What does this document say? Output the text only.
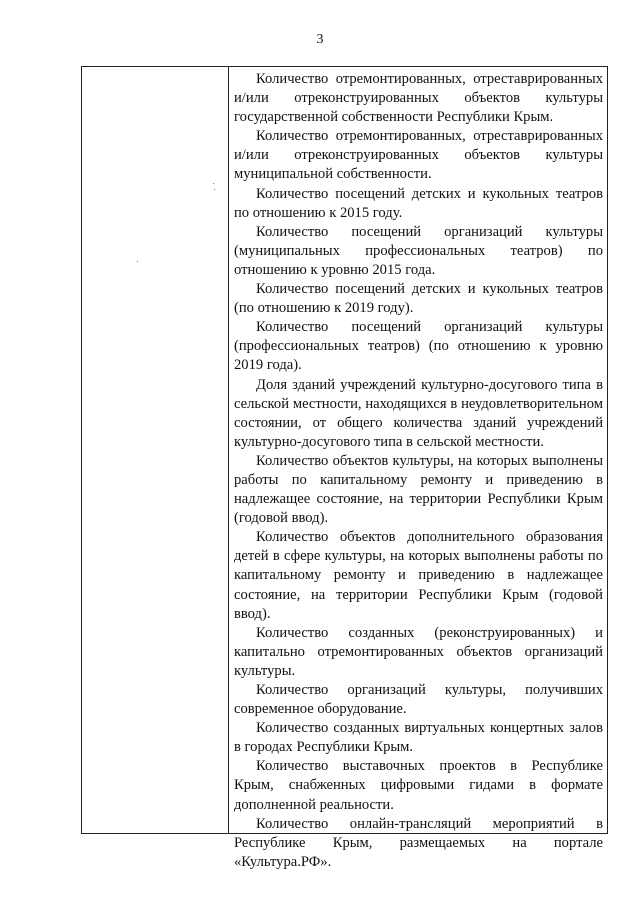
3

Количество отремонтированных, отреставрированных и/или отреконструированных объектов культуры государственной собственности Республики Крым.

Количество отремонтированных, отреставрированных и/или отреконструированных объектов культуры муниципальной собственности.

Количество посещений детских и кукольных театров по отношению к 2015 году.

Количество посещений организаций культуры (муниципальных профессиональных театров) по отношению к уровню 2015 года.

Количество посещений детских и кукольных театров (по отношению к 2019 году).

Количество посещений организаций культуры (профессиональных театров) (по отношению к уровню 2019 года).

Доля зданий учреждений культурно-досугового типа в сельской местности, находящихся в неудовлетворительном состоянии, от общего количества зданий учреждений культурно-досугового типа в сельской местности.

Количество объектов культуры, на которых выполнены работы по капитальному ремонту и приведению в надлежащее состояние, на территории Республики Крым (годовой ввод).

Количество объектов дополнительного образования детей в сфере культуры, на которых выполнены работы по капитальному ремонту и приведению в надлежащее состояние, на территории Республики Крым (годовой ввод).

Количество созданных (реконструированных) и капитально отремонтированных объектов организаций культуры.

Количество организаций культуры, получивших современное оборудование.

Количество созданных виртуальных концертных залов в городах Республики Крым.

Количество выставочных проектов в Республике Крым, снабженных цифровыми гидами в формате дополненной реальности.

Количество онлайн-трансляций мероприятий в Республике Крым, размещаемых на портале «Культура.РФ».
